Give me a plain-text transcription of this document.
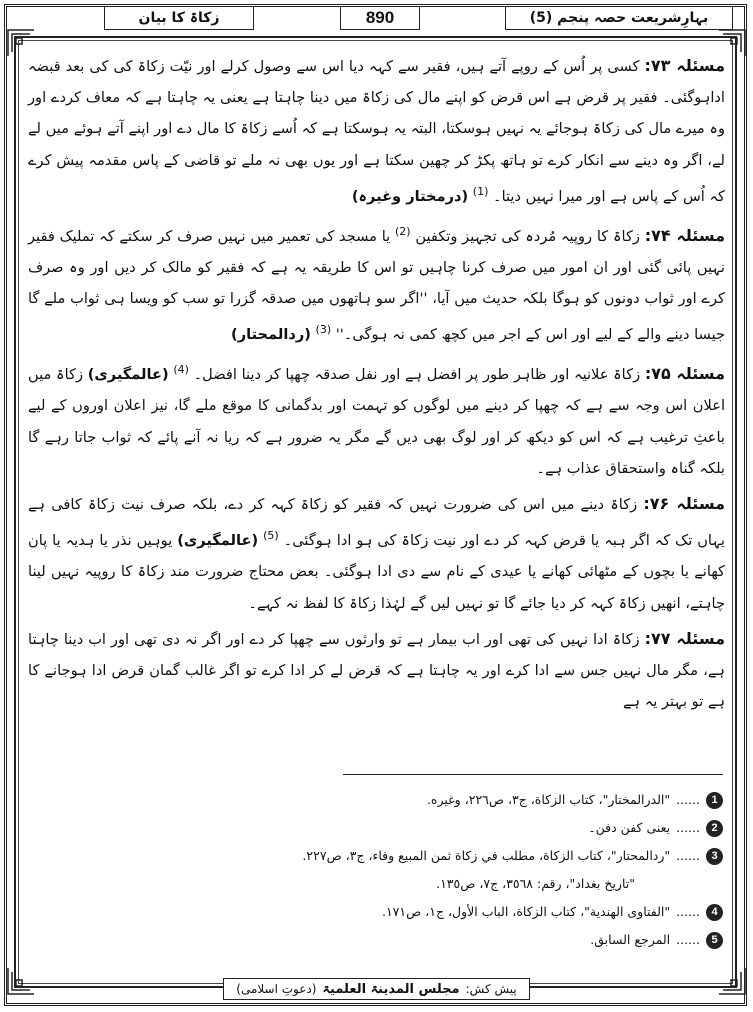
بہارِشریعت حصہ پنجم (5)
890
زکاۃ کا بیان

مسئلہ ۷۳: کسی پر اُس کے روپے آتے ہیں، فقیر سے کہہ دیا اس سے وصول کرلے اور نیّت زکاۃ کی کی بعد قبضہ اداہوگئی۔ فقیر پر قرض ہے اس قرض کو اپنے مال کی زکاۃ میں دینا چاہتا ہے یعنی یہ چاہتا ہے کہ معاف کردے اور وہ میرے مال کی زکاۃ ہوجائے یہ نہیں ہوسکتا، البتہ یہ ہوسکتا ہے کہ اُسے زکاۃ کا مال دے اور اپنے آتے ہوئے میں لے لے، اگر وہ دینے سے انکار کرے تو ہاتھ پکڑ کر چھین سکتا ہے اور یوں بھی نہ ملے تو قاضی کے پاس مقدمہ پیش کرے کہ اُس کے پاس ہے اور میرا نہیں دیتا۔ $^{(1)}$ (درمختار وغیرہ)

مسئلہ ۷۴: زکاۃ کا روپیہ مُردہ کی تجہیز وتکفین $^{(2)}$ یا مسجد کی تعمیر میں نہیں صرف کر سکتے کہ تملیک فقیر نہیں پائی گئی اور ان امور میں صرف کرنا چاہیں تو اس کا طریقہ یہ ہے کہ فقیر کو مالک کر دیں اور وہ صرف کرے اور ثواب دونوں کو ہوگا بلکہ حدیث میں آیا، ''اگر سو ہاتھوں میں صدقہ گزرا تو سب کو ویسا ہی ثواب ملے گا جیسا دینے والے کے لیے اور اس کے اجر میں کچھ کمی نہ ہوگی۔'' $^{(3)}$ (ردالمحتار)

مسئلہ ۷۵: زکاۃ علانیہ اور ظاہر طور پر افضل ہے اور نفل صدقہ چھپا کر دینا افضل۔ $^{(4)}$ (عالمگیری) زکاۃ میں اعلان اس وجہ سے ہے کہ چھپا کر دینے میں لوگوں کو تہمت اور بدگمانی کا موقع ملے گا، نیز اعلان اوروں کے لیے باعثِ ترغیب ہے کہ اس کو دیکھ کر اور لوگ بھی دیں گے مگر یہ ضرور ہے کہ ریا نہ آنے پائے کہ ثواب جاتا رہے گا بلکہ گناہ واستحقاق عذاب ہے۔

مسئلہ ۷۶: زکاۃ دینے میں اس کی ضرورت نہیں کہ فقیر کو زکاۃ کہہ کر دے، بلکہ صرف نیت زکاۃ کافی ہے یہاں تک کہ اگر ہبہ یا قرض کہہ کر دے اور نیت زکاۃ کی ہو ادا ہوگئی۔ $^{(5)}$ (عالمگیری) یوہیں نذر یا ہدیہ یا پان کھانے یا بچوں کے مٹھائی کھانے یا عیدی کے نام سے دی ادا ہوگئی۔ بعض محتاج ضرورت مند زکاۃ کا روپیہ نہیں لینا چاہتے، انھیں زکاۃ کہہ کر دیا جائے گا تو نہیں لیں گے لہٰذا زکاۃ کا لفظ نہ کہے۔

مسئلہ ۷۷: زکاۃ ادا نہیں کی تھی اور اب بیمار ہے تو وارثوں سے چھپا کر دے اور اگر نہ دی تھی اور اب دینا چاہتا ہے، مگر مال نہیں جس سے ادا کرے اور یہ چاہتا ہے کہ قرض لے کر ادا کرے تو اگر غالب گمان قرض ادا ہوجانے کا ہے تو بہتر یہ ہے

1
......
"الدرالمختار"، كتاب الزكاة، ج٣، ص٢٢٦، وغيره.
2
......
یعنی کفن دفن۔
3
......
"ردالمحتار"، كتاب الزكاة، مطلب في زكاة ثمن المبيع وفاء، ج٣، ص٢٢٧.
"تاريخ بغداد"، رقم: ٣٥٦٨، ج٧، ص١٣٥.
4
......
"الفتاوى الهندية"، كتاب الزكاة، الباب الأول، ج١، ص١٧١.
5
......
المرجع السابق.
پیش کش:
مجلس المدینۃ العلمیۃ
(دعوتِ اسلامی)
